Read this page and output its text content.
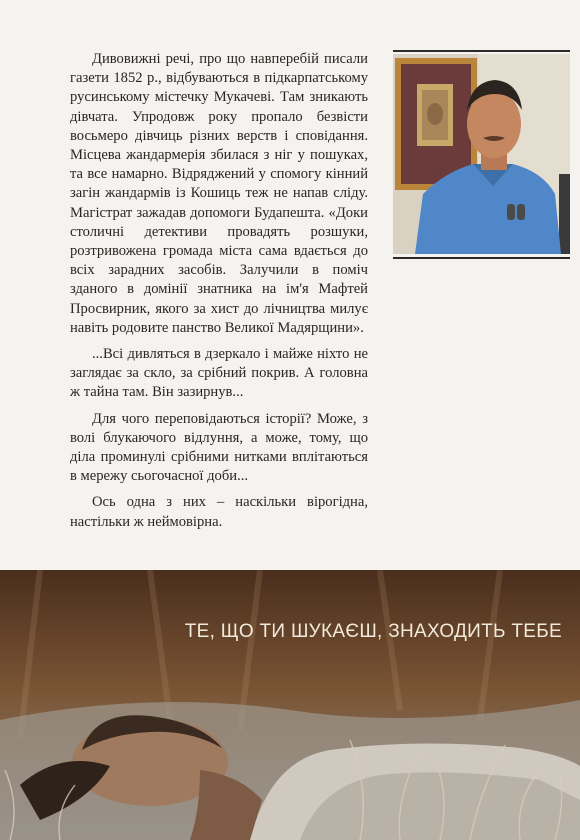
Дивовижні речі, про що навперебій писали газети 1852 р., відбуваються в підкарпатському русинському містечку Мукачеві. Там зникають дівчата. Упродовж року пропало безвісти восьмеро дівчиць різних верств і сповідання. Місцева жандармерія збилася з ніг у пошуках, та все намарно. Відряджений у спомогу кінний загін жандармів із Кошиць теж не напав сліду. Магістрат зажадав допомоги Будапешта. «Доки столичні детективи провадять розшуки, розтривожена громада міста сама вдається до всіх зарадних засобів. Залучили в поміч зданого в домінії знатника на ім'я Мафтей Просвирник, якого за хист до лічництва милує навіть родовите панство Великої Мадярщини».

...Всі дивляться в дзеркало і майже ніхто не заглядає за скло, за срібний покрив. А головна ж тайна там. Він зазирнув...

Для чого переповідаються історії? Може, з волі блукаючого відлуння, а може, тому, що діла проминулі срібними нитками вплітаються в мережу сьогочасної доби...

Ось одна з них – наскільки вірогідна, настільки ж неймовірна.

ТЕ, ЩО ТИ ШУКАЄШ, ЗНАХОДИТЬ ТЕБЕ
